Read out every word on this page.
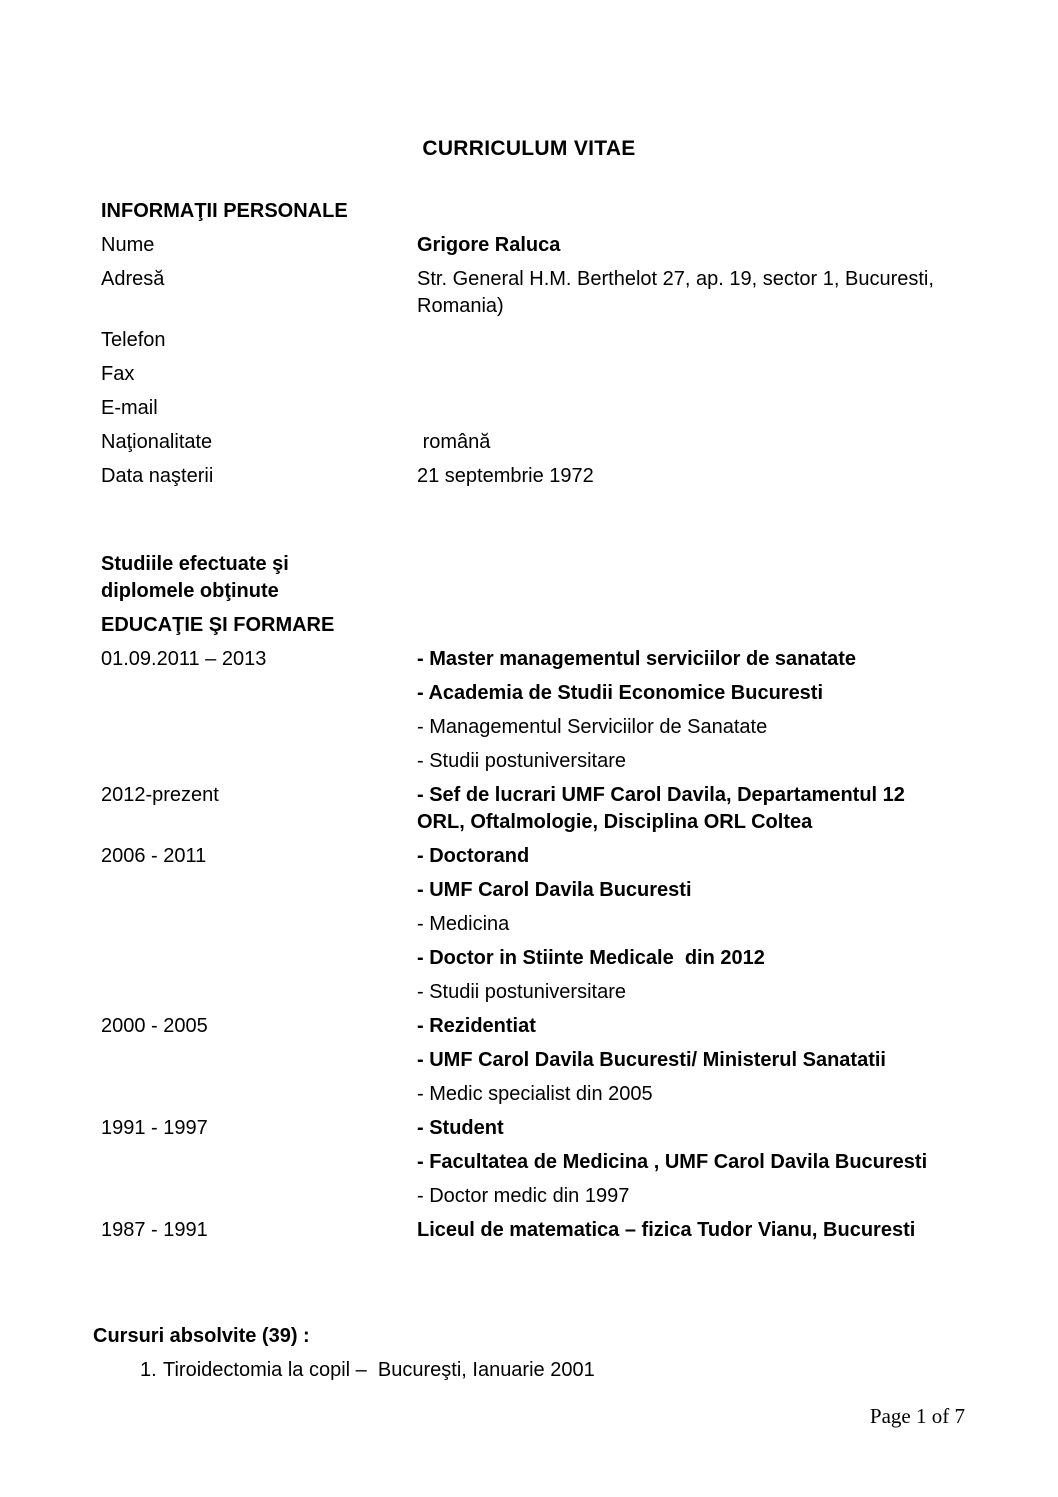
CURRICULUM VITAE
INFORMAŢII PERSONALE
Nume	Grigore Raluca
Adresă	Str. General H.M. Berthelot 27, ap. 19, sector 1, Bucuresti, Romania)
Telefon
Fax
E-mail
Naţionalitate	română
Data naşterii	21 septembrie 1972
Studiile efectuate şi
diplomele obţinute
EDUCAŢIE ŞI FORMARE
01.09.2011 – 2013	- Master managementul serviciilor de sanatate
- Academia de Studii Economice Bucuresti
- Managementul Serviciilor de Sanatate
- Studii postuniversitare
2012-prezent	- Sef de lucrari UMF Carol Davila, Departamentul 12 ORL, Oftalmologie, Disciplina ORL Coltea
2006 - 2011	- Doctorand
- UMF Carol Davila Bucuresti
- Medicina
- Doctor in Stiinte Medicale  din 2012
- Studii postuniversitare
2000 - 2005	- Rezidentiat
- UMF Carol Davila Bucuresti/ Ministerul Sanatatii
- Medic specialist din 2005
1991 - 1997	- Student
- Facultatea de Medicina , UMF Carol Davila Bucuresti
- Doctor medic din 1997
1987 - 1991	Liceul de matematica – fizica Tudor Vianu, Bucuresti
Cursuri absolvite (39) :
1. Tiroidectomia la copil –  Bucureşti, Ianuarie 2001
Page 1 of 7
